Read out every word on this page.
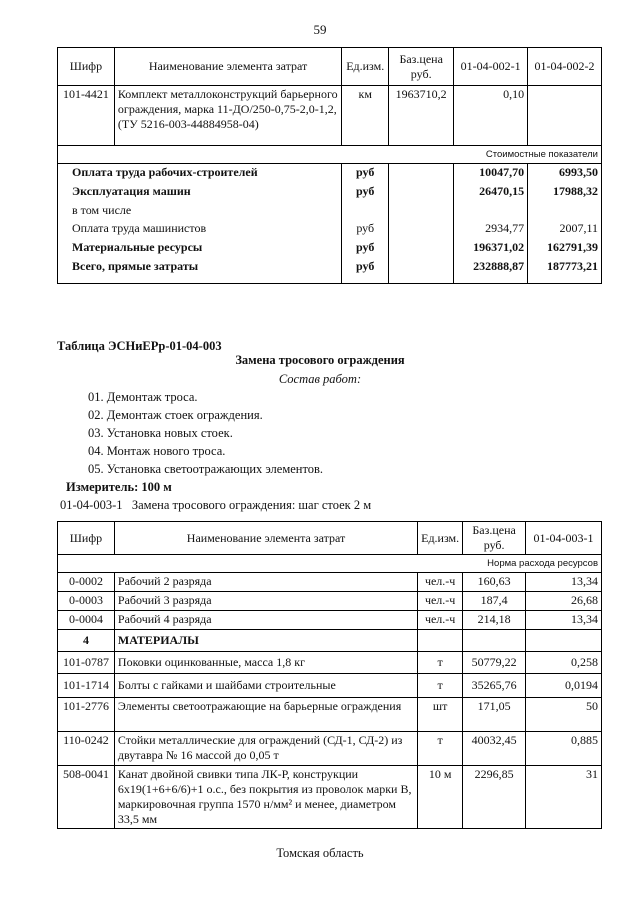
59
Шифр	Наименование элемента затрат	Ед.изм.	Баз.цена руб.	01-04-002-1	01-04-002-2
101-4421	Комплект металлоконструкций барьерного ограждения, марка 11-ДО/250-0,75-2,0-1,2, (ТУ 5216-003-44884958-04)	км	1963710,2	0,10	
Стоимостные показатели					
Оплата труда рабочих-строителей		руб		10047,70	6993,50
Эксплуатация машин		руб		26470,15	17988,32
в том числе					
Оплата труда машинистов		руб		2934,77	2007,11
Материальные ресурсы		руб		196371,02	162791,39
Всего, прямые затраты		руб		232888,87	187773,21
Таблица ЭСНиЕРр-01-04-003
Замена тросового ограждения
Состав работ:
01. Демонтаж троса.
02. Демонтаж стоек ограждения.
03. Установка новых стоек.
04. Монтаж нового троса.
05. Установка светоотражающих элементов.
Измеритель: 100 м
01-04-003-1   Замена тросового ограждения: шаг стоек 2 м
Шифр	Наименование элемента затрат	Ед.изм.	Баз.цена руб.	01-04-003-1
Норма расхода ресурсов				
0-0002	Рабочий 2 разряда	чел.-ч	160,63	13,34
0-0003	Рабочий 3 разряда	чел.-ч	187,4	26,68
0-0004	Рабочий 4 разряда	чел.-ч	214,18	13,34
4	МАТЕРИАЛЫ			
101-0787	Поковки оцинкованные, масса 1,8 кг	т	50779,22	0,258
101-1714	Болты с гайками и шайбами строительные	т	35265,76	0,0194
101-2776	Элементы светоотражающие на барьерные ограждения	шт	171,05	50
110-0242	Стойки металлические для ограждений (СД-1, СД-2) из двутавра № 16 массой до 0,05 т	т	40032,45	0,885
508-0041	Канат двойной свивки типа ЛК-Р, конструкции 6х19(1+6+6/6)+1 о.с., без покрытия из проволок марки В, маркировочная группа 1570 н/мм² и менее, диаметром 33,5 мм	10 м	2296,85	31
Томская область
